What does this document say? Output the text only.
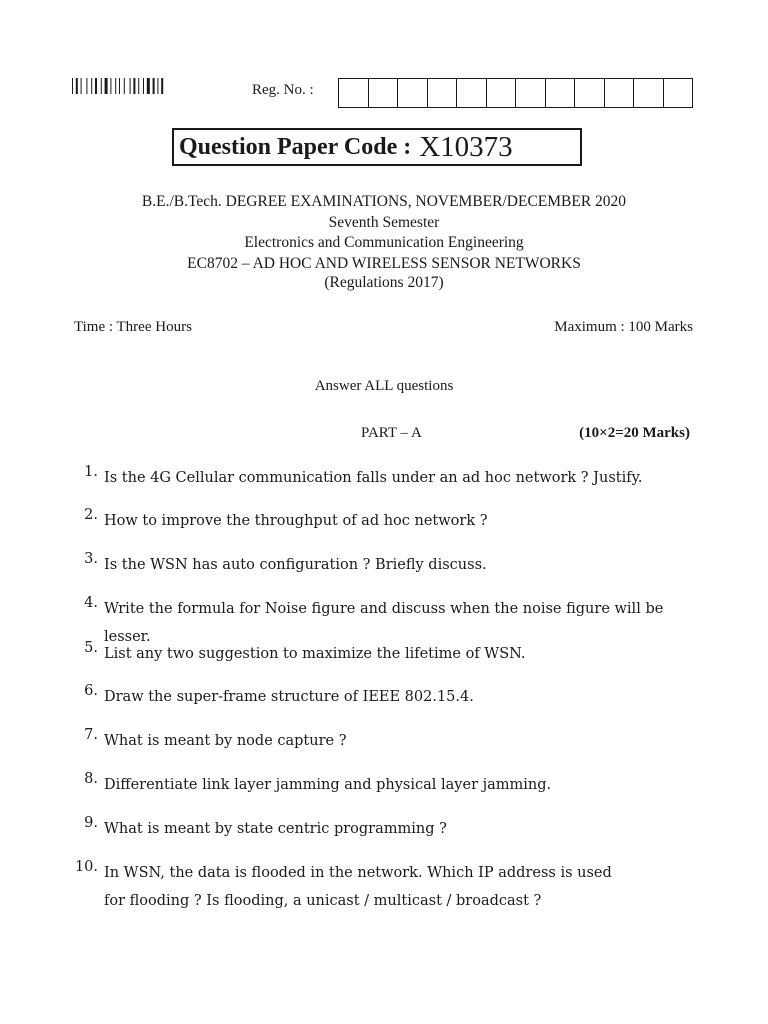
Reg. No. :
Question Paper Code : X10373
B.E./B.Tech. DEGREE EXAMINATIONS, NOVEMBER/DECEMBER 2020
Seventh Semester
Electronics and Communication Engineering
EC8702 – AD HOC AND WIRELESS SENSOR NETWORKS
(Regulations 2017)
Time : Three Hours	Maximum : 100 Marks
Answer ALL questions
PART – A	(10×2=20 Marks)
1. Is the 4G Cellular communication falls under an ad hoc network ? Justify.
2. How to improve the throughput of ad hoc network ?
3. Is the WSN has auto configuration ? Briefly discuss.
4. Write the formula for Noise figure and discuss when the noise figure will be lesser.
5. List any two suggestion to maximize the lifetime of WSN.
6. Draw the super-frame structure of IEEE 802.15.4.
7. What is meant by node capture ?
8. Differentiate link layer jamming and physical layer jamming.
9. What is meant by state centric programming ?
10. In WSN, the data is flooded in the network. Which IP address is used for flooding ? Is flooding, a unicast / multicast / broadcast ?
